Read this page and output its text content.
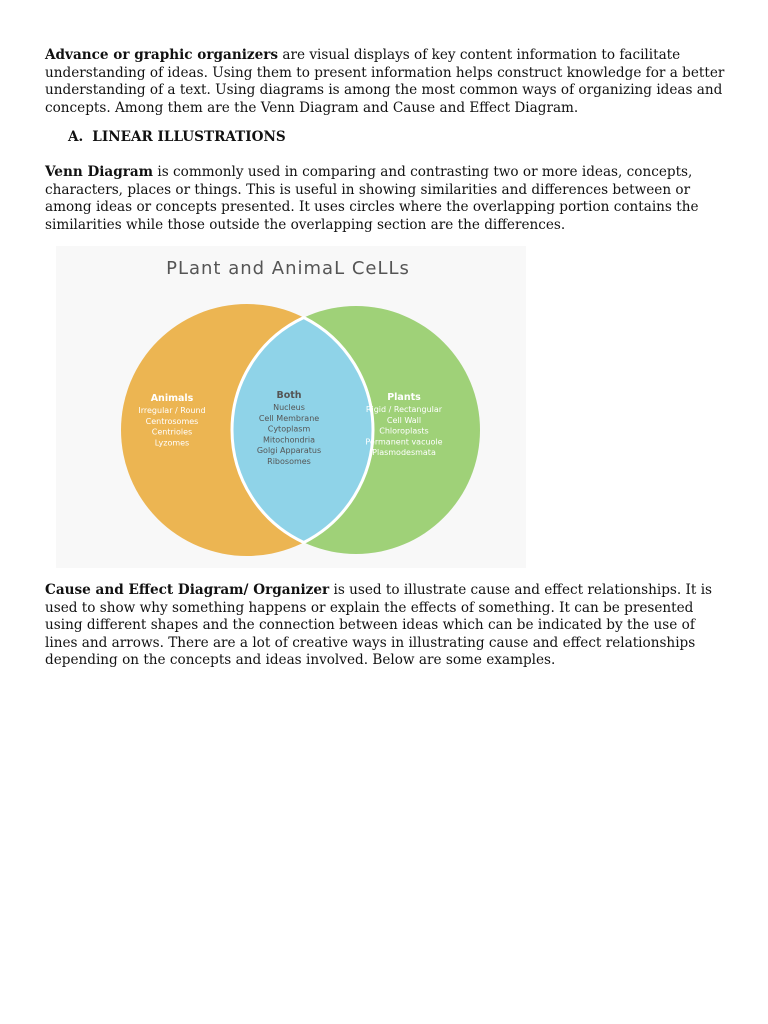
Advance or graphic organizers are visual displays of key content information to facilitate understanding of ideas. Using them to present information helps construct knowledge for a better understanding of a text. Using diagrams is among the most common ways of organizing ideas and concepts. Among them are the Venn Diagram and Cause and Effect Diagram.

A. LINEAR ILLUSTRATIONS

Venn Diagram is commonly used in comparing and contrasting two or more ideas, concepts, characters, places or things. This is useful in showing similarities and differences between or among ideas or concepts presented. It uses circles where the overlapping portion contains the similarities while those outside the overlapping section are the differences.

PLant and AnimaL CeLLs
Animals
Irregular / Round Centrosomes Centrioles Lyzomes
Both
Nucleus Cell Membrane Cytoplasm Mitochondria Golgi Apparatus Ribosomes
Plants
Rigid / Rectangular Cell Wall Chloroplasts Permanent vacuole Plasmodesmata

Cause and Effect Diagram/ Organizer is used to illustrate cause and effect relationships. It is used to show why something happens or explain the effects of something. It can be presented using different shapes and the connection between ideas which can be indicated by the use of lines and arrows. There are a lot of creative ways in illustrating cause and effect relationships depending on the concepts and ideas involved. Below are some examples.
